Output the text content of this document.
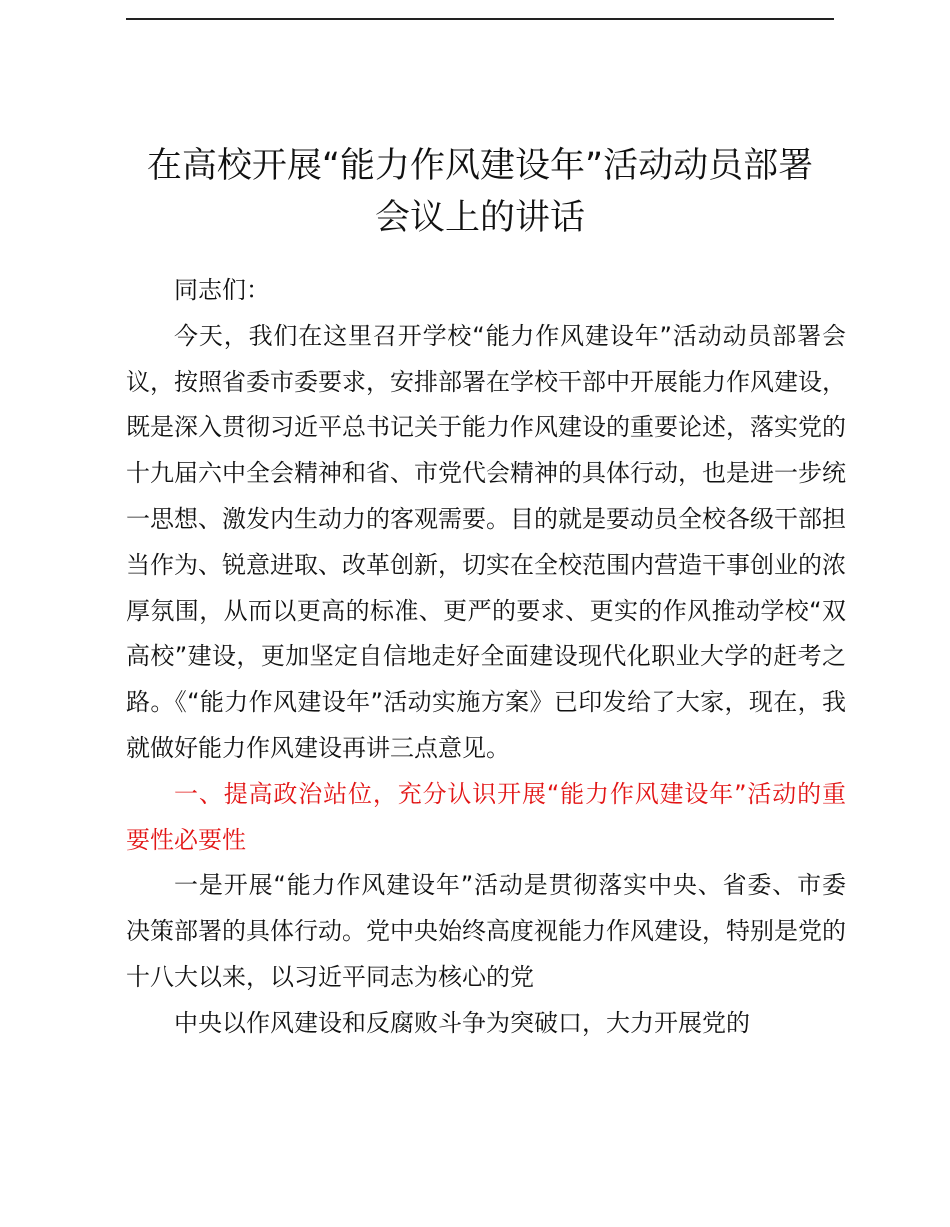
在高校开展“能力作风建设年”活动动员部署
会议上的讲话

同志们：

今天，我们在这里召开学校“能力作风建设年”活动动员部署会议，按照省委市委要求，安排部署在学校干部中开展能力作风建设，既是深入贯彻习近平总书记关于能力作风建设的重要论述，落实党的十九届六中全会精神和省、市党代会精神的具体行动，也是进一步统一思想、激发内生动力的客观需要。目的就是要动员全校各级干部担当作为、锐意进取、改革创新，切实在全校范围内营造干事创业的浓厚氛围，从而以更高的标准、更严的要求、更实的作风推动学校“双高校”建设，更加坚定自信地走好全面建设现代化职业大学的赶考之路。《“能力作风建设年”活动实施方案》已印发给了大家，现在，我就做好能力作风建设再讲三点意见。

一、提高政治站位，充分认识开展“能力作风建设年”活动的重要性必要性

一是开展“能力作风建设年”活动是贯彻落实中央、省委、市委决策部署的具体行动。党中央始终高度视能力作风建设，特别是党的十八大以来，以习近平同志为核心的党

中央以作风建设和反腐败斗争为突破口，大力开展党的
